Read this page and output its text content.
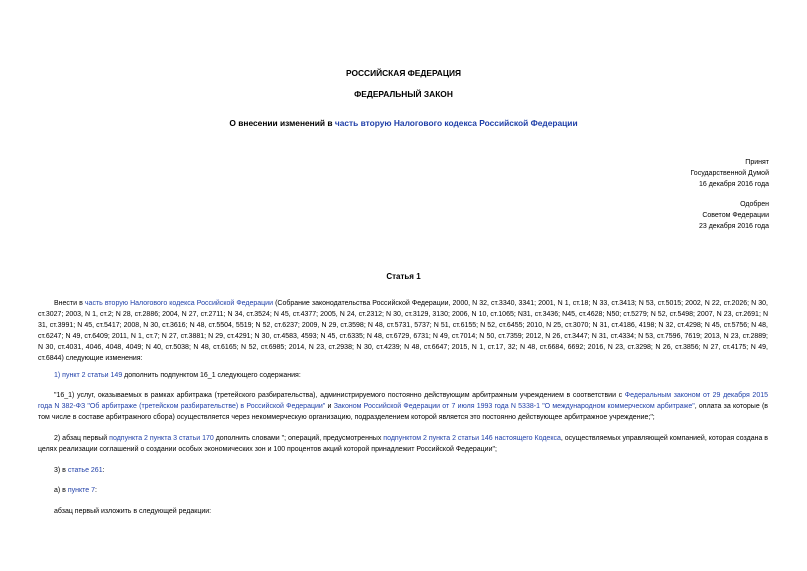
РОССИЙСКАЯ ФЕДЕРАЦИЯ
ФЕДЕРАЛЬНЫЙ ЗАКОН
О внесении изменений в часть вторую Налогового кодекса Российской Федерации
Принят
Государственной Думой
16 декабря 2016 года
Одобрен
Советом Федерации
23 декабря 2016 года
Статья 1
Внести в часть вторую Налогового кодекса Российской Федерации (Собрание законодательства Российской Федерации, 2000, N 32, ст.3340, 3341; 2001, N 1, ст.18; N 33, ст.3413; N 53, ст.5015; 2002, N 22, ст.2026; N 30, ст.3027; 2003, N 1, ст.2; N 28, ст.2886; 2004, N 27, ст.2711; N 34, ст.3524; N 45, ст.4377; 2005, N 24, ст.2312; N 30, ст.3129, 3130; 2006, N 10, ст.1065; N31, ст.3436; N45, ст.4628; N50; ст.5279; N 52, ст.5498; 2007, N 23, ст.2691; N 31, ст.3991; N 45, ст.5417; 2008, N 30, ст.3616; N 48, ст.5504, 5519; N 52, ст.6237; 2009, N 29, ст.3598; N 48, ст.5731, 5737; N 51, ст.6155; N 52, ст.6455; 2010, N 25, ст.3070; N 31, ст.4186, 4198; N 32, ст.4298; N 45, ст.5756; N 48, ст.6247; N 49, ст.6409; 2011, N 1, ст.7; N 27, ст.3881; N 29, ст.4291; N 30, ст.4583, 4593; N 45, ст.6335; N 48, ст.6729, 6731; N 49, ст.7014; N 50, ст.7359; 2012, N 26, ст.3447; N 31, ст.4334; N 53, ст.7596, 7619; 2013, N 23, ст.2889; N 30, ст.4031, 4046, 4048, 4049; N 40, ст.5038; N 48, ст.6165; N 52, ст.6985; 2014, N 23, ст.2938; N 30, ст.4239; N 48, ст.6647; 2015, N 1, ст.17, 32; N 48, ст.6684, 6692; 2016, N 23, ст.3298; N 26, ст.3856; N 27, ст.4175; N 49, ст.6844) следующие изменения:
1) пункт 2 статьи 149 дополнить подпунктом 16_1 следующего содержания:
"16_1) услуг, оказываемых в рамках арбитража (третейского разбирательства), администрируемого постоянно действующим арбитражным учреждением в соответствии с Федеральным законом от 29 декабря 2015 года N 382-ФЗ "Об арбитраже (третейском разбирательстве) в Российской Федерации" и Законом Российской Федерации от 7 июля 1993 года N 5338-1 "О международном коммерческом арбитраже", оплата за которые (в том числе в составе арбитражного сбора) осуществляется через некоммерческую организацию, подразделением которой является это постоянно действующее арбитражное учреждение;";
2) абзац первый подпункта 2 пункта 3 статьи 170 дополнить словами "; операций, предусмотренных подпунктом 2 пункта 2 статьи 146 настоящего Кодекса, осуществляемых управляющей компанией, которая создана в целях реализации соглашений о создании особых экономических зон и 100 процентов акций которой принадлежит Российской Федерации";
3) в статье 261:
а) в пункте 7:
абзац первый изложить в следующей редакции:
